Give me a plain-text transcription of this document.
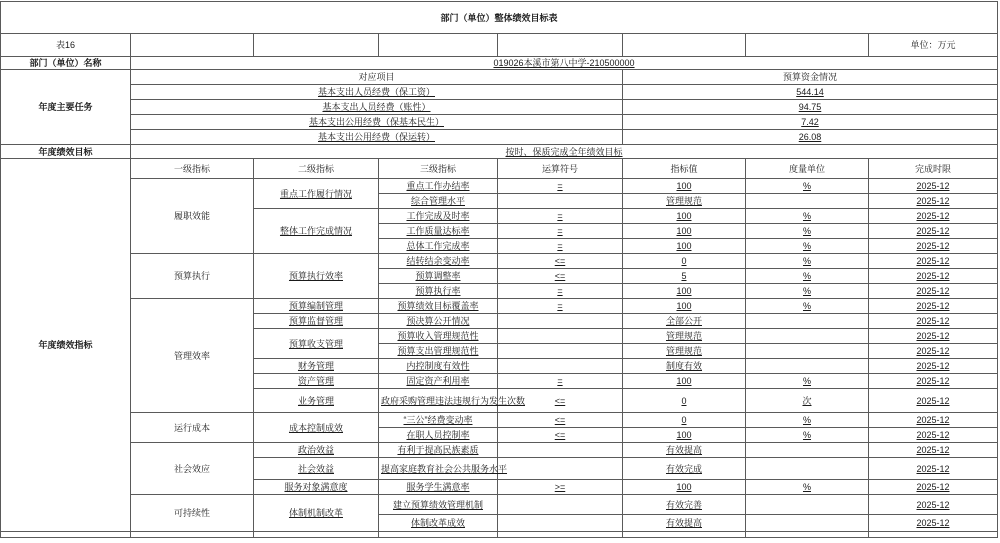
部门（单位）整体绩效目标表							
表16							单位：万元
部门（单位）名称	019026本溪市第八中学-210500000						
年度主要任务	对应项目				预算资金情况		
	基本支出人员经费（保工资）				544.14		
	基本支出人员经费（账性）				94.75		
	基本支出公用经费（保基本民生）				7.42		
	基本支出公用经费（保运转）				26.08		
年度绩效目标	按时、保质完成全年绩效目标						
年度绩效指标	一级指标	二级指标	三级指标	运算符号	指标值	度量单位	完成时限
	履职效能	重点工作履行情况	重点工作办结率	=	100	%	2025-12
			综合管理水平		管理规范		2025-12
		整体工作完成情况	工作完成及时率	=	100	%	2025-12
			工作质量达标率	=	100	%	2025-12
			总体工作完成率	=	100	%	2025-12
	预算执行	预算执行效率	结转结余变动率	<=	0	%	2025-12
			预算调整率	<=	5	%	2025-12
			预算执行率	=	100	%	2025-12
	管理效率	预算编制管理	预算绩效目标覆盖率	=	100	%	2025-12
		预算监督管理	预决算公开情况		全部公开		2025-12
		预算收支管理	预算收入管理规范性		管理规范		2025-12
			预算支出管理规范性		管理规范		2025-12
		财务管理	内控制度有效性		制度有效		2025-12
		资产管理	固定资产利用率	=	100	%	2025-12
		业务管理	政府采购管理违法违规行为发生次数	<=	0	次	2025-12
	运行成本	成本控制成效	“三公”经费变动率	<=	0	%	2025-12
			在职人员控制率	<=	100	%	2025-12
	社会效应	政治效益	有利于提高民族素质		有效提高		2025-12
		社会效益	提高家庭教育社会公共服务水平		有效完成		2025-12
		服务对象满意度	服务学生满意率	>=	100	%	2025-12
	可持续性	体制机制改革	建立预算绩效管理机制		有效完善		2025-12
			体制改革成效		有效提高		2025-12
